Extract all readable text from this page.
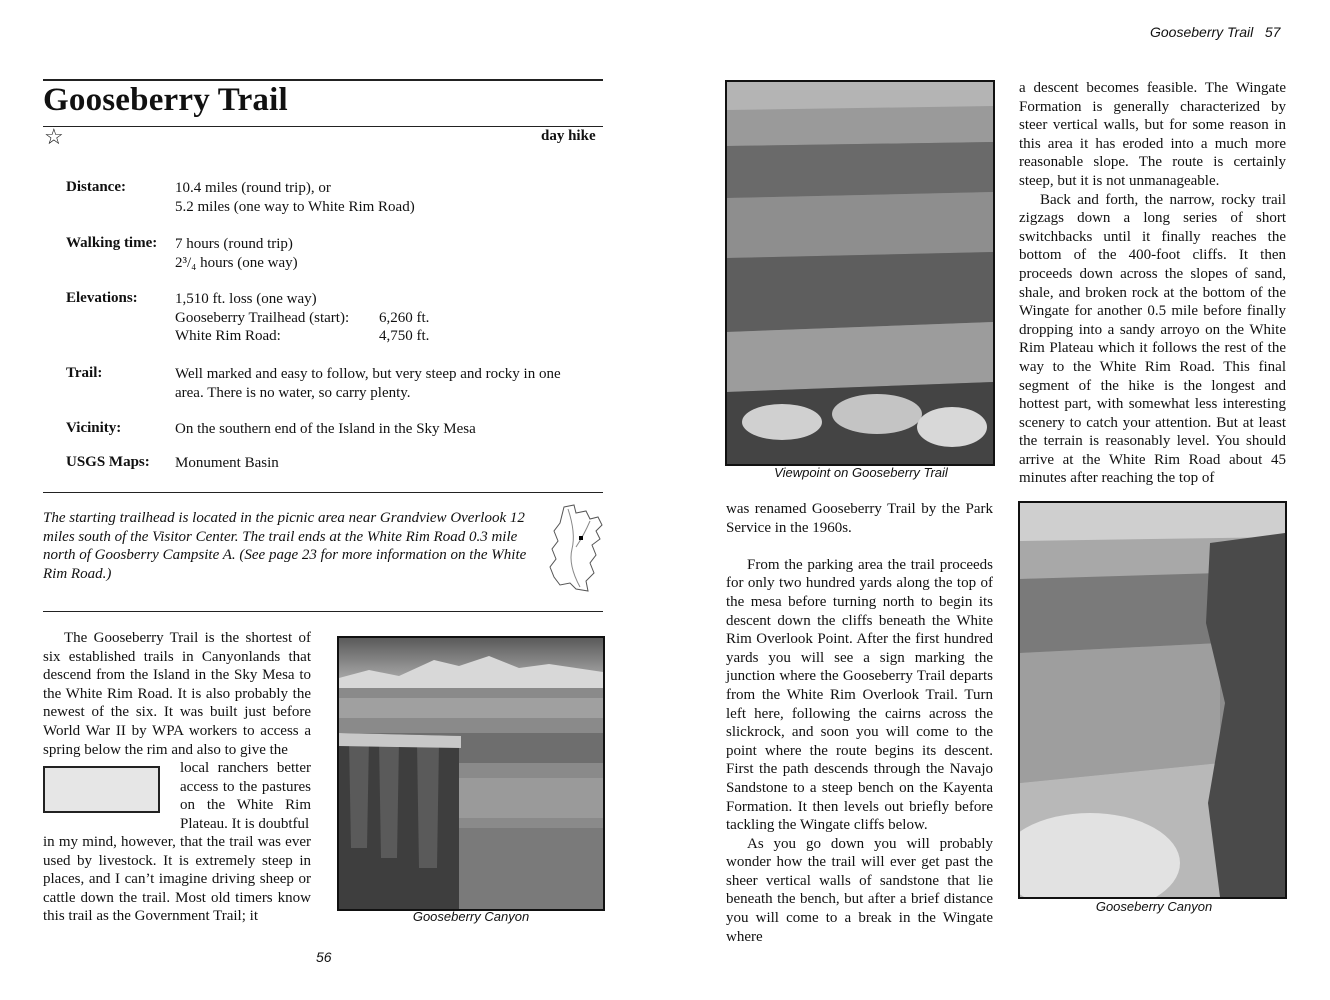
Gooseberry Trail   57
Gooseberry Trail
☆	day hike
Distance:	10.4 miles (round trip), or
5.2 miles (one way to White Rim Road)
Walking time: 7 hours (round trip)
2³/₄ hours (one way)
Elevations: 1,510 ft. loss (one way)
Gooseberry Trailhead (start):	6,260 ft.
White Rim Road:	4,750 ft.
Trail:	Well marked and easy to follow, but very steep and rocky in one area. There is no water, so carry plenty.
Vicinity:	On the southern end of the Island in the Sky Mesa
USGS Maps: Monument Basin
The starting trailhead is located in the picnic area near Grandview Overlook 12 miles south of the Visitor Center. The trail ends at the White Rim Road 0.3 mile north of Goosberry Campsite A. (See page 23 for more information on the White Rim Road.)

The Gooseberry Trail is the shortest of six established trails in Canyonlands that descend from the Island in the Sky Mesa to the White Rim Road. It is also probably the newest of the six. It was built just before World War II by WPA workers to access a spring below the rim and also to give the

local ranchers better access to the pastures on the White Rim Plateau. It is doubtful

in my mind, however, that the trail was ever used by livestock. It is extremely steep in places, and I can’t imagine driving sheep or cattle down the trail. Most old timers know this trail as the Government Trail; it	Gooseberry Canyon
56
Viewpoint on Gooseberry Trail

was renamed Gooseberry Trail by the Park Service in the 1960s.

From the parking area the trail proceeds for only two hundred yards along the top of the mesa before turning north to begin its descent down the cliffs beneath the White Rim Overlook Point. After the first hundred yards you will see a sign marking the junction where the Gooseberry Trail departs from the White Rim Overlook Trail. Turn left here, following the cairns across the slickrock, and soon you will come to the point where the route begins its descent. First the path descends through the Navajo Sandstone to a steep bench on the Kayenta Formation. It then levels out briefly before tackling the Wingate cliffs below.

As you go down you will probably wonder how the trail will ever get past the sheer vertical walls of sandstone that lie beneath the bench, but after a brief distance you will come to a break in the Wingate where

a descent becomes feasible. The Wingate Formation is generally characterized by steer vertical walls, but for some reason in this area it has eroded into a much more reasonable slope. The route is certainly steep, but it is not unmanageable.

Back and forth, the narrow, rocky trail zigzags down a long series of short switchbacks until it finally reaches the bottom of the 400-foot cliffs. It then proceeds down across the slopes of sand, shale, and broken rock at the bottom of the Wingate for another 0.5 mile before finally dropping into a sandy arroyo on the White Rim Plateau which it follows the rest of the way to the White Rim Road. This final segment of the hike is the longest and hottest part, with somewhat less interesting scenery to catch your attention. But at least the terrain is reasonably level. You should arrive at the White Rim Road about 45 minutes after reaching the top of

Gooseberry Canyon
